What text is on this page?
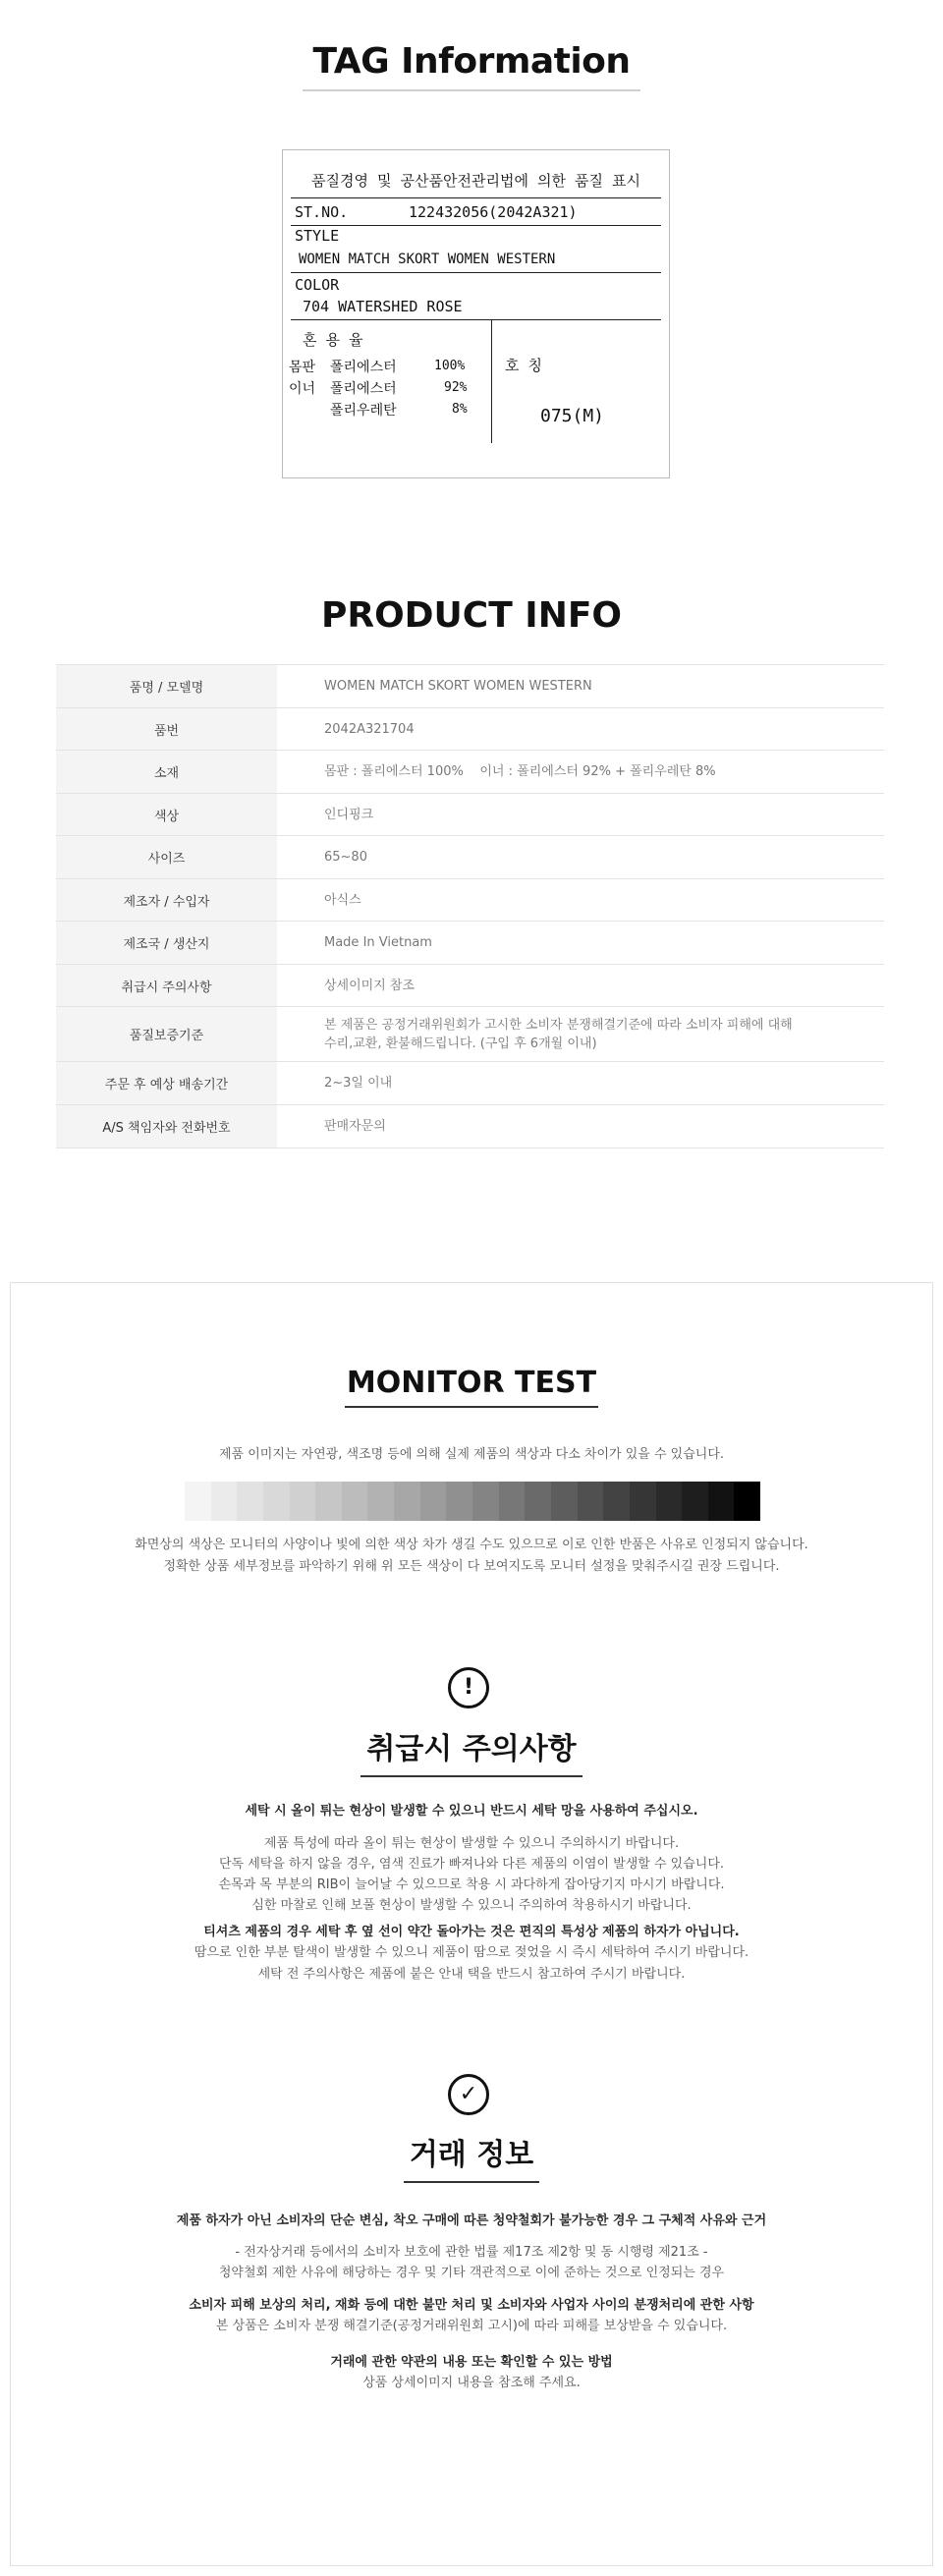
TAG Information
품질경영 및 공산품안전관리법에 의한 품질 표시
ST.NO.	122432056(2042A321)
STYLE
WOMEN MATCH SKORT WOMEN WESTERN
COLOR
704 WATERSHED ROSE
혼 용 율
호 칭
몸판 폴리에스터	100%
이너 폴리에스터	92%
폴리우레탄	8%	075(M)
PRODUCT INFO
품명 / 모델명	WOMEN MATCH SKORT WOMEN WESTERN
품번	2042A321704
소재	몸판 : 폴리에스터 100%    이너 : 폴리에스터 92% + 폴리우레탄 8%
색상	인디핑크
사이즈	65~80
제조자 / 수입자	아식스
제조국 / 생산지	Made In Vietnam
취급시 주의사항	상세이미지 참조
품질보증기준	본 제품은 공정거래위원회가 고시한 소비자 분쟁해결기준에 따라 소비자 피해에 대해
수리,교환, 환불해드립니다. (구입 후 6개월 이내)

주문 후 예상 배송기간	2~3일 이내
A/S 책임자와 전화번호	판매자문의
MONITOR TEST
제품 이미지는 자연광, 색조명 등에 의해 실제 제품의 색상과 다소 차이가 있을 수 있습니다.
화면상의 색상은 모니터의 사양이나 빛에 의한 색상 차가 생길 수도 있으므로 이로 인한 반품은 사유로 인정되지 않습니다.
정확한 상품 세부정보를 파악하기 위해 위 모든 색상이 다 보여지도록 모니터 설정을 맞춰주시길 권장 드립니다.
!
취급시 주의사항
세탁 시 올이 튀는 현상이 발생할 수 있으니 반드시 세탁 망을 사용하여 주십시오.
제품 특성에 따라 올이 튀는 현상이 발생할 수 있으니 주의하시기 바랍니다.
단독 세탁을 하지 않을 경우, 염색 진료가 빠져나와 다른 제품의 이염이 발생할 수 있습니다.
손목과 목 부분의 RIB이 늘어날 수 있으므로 착용 시 과다하게 잡아당기지 마시기 바랍니다.
심한 마찰로 인해 보풀 현상이 발생할 수 있으니 주의하여 착용하시기 바랍니다.
티셔츠 제품의 경우 세탁 후 옆 선이 약간 돌아가는 것은 편직의 특성상 제품의 하자가 아닙니다.
땀으로 인한 부분 탈색이 발생할 수 있으니 제품이 땀으로 젖었을 시 즉시 세탁하여 주시기 바랍니다.
세탁 전 주의사항은 제품에 붙은 안내 택을 반드시 참고하여 주시기 바랍니다.
✓
거래 정보
제품 하자가 아닌 소비자의 단순 변심, 착오 구매에 따른 청약철회가 불가능한 경우 그 구체적 사유와 근거
- 전자상거래 등에서의 소비자 보호에 관한 법률 제17조 제2항 및 동 시행령 제21조 -
청약철회 제한 사유에 해당하는 경우 및 기타 객관적으로 이에 준하는 것으로 인정되는 경우
소비자 피해 보상의 처리, 재화 등에 대한 불만 처리 및 소비자와 사업자 사이의 분쟁처리에 관한 사항
본 상품은 소비자 분쟁 해결기준(공정거래위원회 고시)에 따라 피해를 보상받을 수 있습니다.
거래에 관한 약관의 내용 또는 확인할 수 있는 방법
상품 상세이미지 내용을 참조해 주세요.
